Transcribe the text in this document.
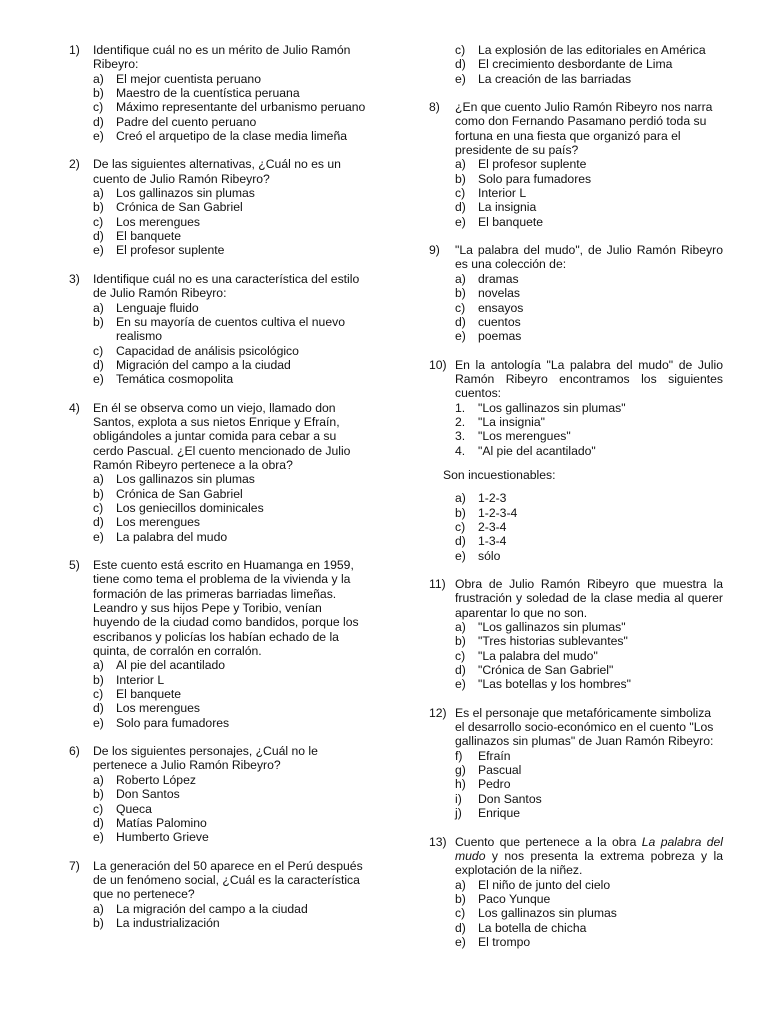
1) Identifique cuál no es un mérito de Julio Ramón Ribeyro:
a) El mejor cuentista peruano
b) Maestro de la cuentística peruana
c) Máximo representante del urbanismo peruano
d) Padre del cuento peruano
e) Creó el arquetipo de la clase media limeña
2) De las siguientes alternativas, ¿Cuál no es un cuento de Julio Ramón Ribeyro?
a) Los gallinazos sin plumas
b) Crónica de San Gabriel
c) Los merengues
d) El banquete
e) El profesor suplente
3) Identifique cuál no es una característica del estilo de Julio Ramón Ribeyro:
a) Lenguaje fluido
b) En su mayoría de cuentos cultiva el nuevo realismo
c) Capacidad de análisis psicológico
d) Migración del campo a la ciudad
e) Temática cosmopolita
4) En él se observa como un viejo, llamado don Santos, explota a sus nietos Enrique y Efraín, obligándoles a juntar comida para cebar a su cerdo Pascual. ¿El cuento mencionado de Julio Ramón Ribeyro pertenece a la obra?
a) Los gallinazos sin plumas
b) Crónica de San Gabriel
c) Los geniecillos dominicales
d) Los merengues
e) La palabra del mudo
5) Este cuento está escrito en Huamanga en 1959, tiene como tema el problema de la vivienda y la formación de las primeras barriadas limeñas. Leandro y sus hijos Pepe y Toribio, venían huyendo de la ciudad como bandidos, porque los escribanos y policías los habían echado de la quinta, de corralón en corralón.
a) Al pie del acantilado
b) Interior L
c) El banquete
d) Los merengues
e) Solo para fumadores
6) De los siguientes personajes, ¿Cuál no le pertenece a Julio Ramón Ribeyro?
a) Roberto López
b) Don Santos
c) Queca
d) Matías Palomino
e) Humberto Grieve
7) La generación del 50 aparece en el Perú después de un fenómeno social, ¿Cuál es la característica que no pertenece?
a) La migración del campo a la ciudad
b) La industrialización
c) La explosión de las editoriales en América
d) El crecimiento desbordante de Lima
e) La creación de las barriadas
8) ¿En que cuento Julio Ramón Ribeyro nos narra como don Fernando Pasamano perdió toda su fortuna en una fiesta que organizó para el presidente de su país?
a) El profesor suplente
b) Solo para fumadores
c) Interior L
d) La insignia
e) El banquete
9) "La palabra del mudo", de Julio Ramón Ribeyro es una colección de:
a) dramas
b) novelas
c) ensayos
d) cuentos
e) poemas
10) En la antología "La palabra del mudo" de Julio Ramón Ribeyro encontramos los siguientes cuentos:
1. "Los gallinazos sin plumas"
2. "La insignia"
3. "Los merengues"
4. "Al pie del acantilado"
Son incuestionables:
a) 1-2-3
b) 1-2-3-4
c) 2-3-4
d) 1-3-4
e) sólo
11) Obra de Julio Ramón Ribeyro que muestra la frustración y soledad de la clase media al querer aparentar lo que no son.
a) "Los gallinazos sin plumas"
b) "Tres historias sublevantes"
c) "La palabra del mudo"
d) "Crónica de San Gabriel"
e) "Las botellas y los hombres"
12) Es el personaje que metafóricamente simboliza el desarrollo socio-económico en el cuento "Los gallinazos sin plumas" de Juan Ramón Ribeyro:
f) Efraín
g) Pascual
h) Pedro
i) Don Santos
j) Enrique
13) Cuento que pertenece a la obra La palabra del mudo y nos presenta la extrema pobreza y la explotación de la niñez.
a) El niño de junto del cielo
b) Paco Yunque
c) Los gallinazos sin plumas
d) La botella de chicha
e) El trompo
